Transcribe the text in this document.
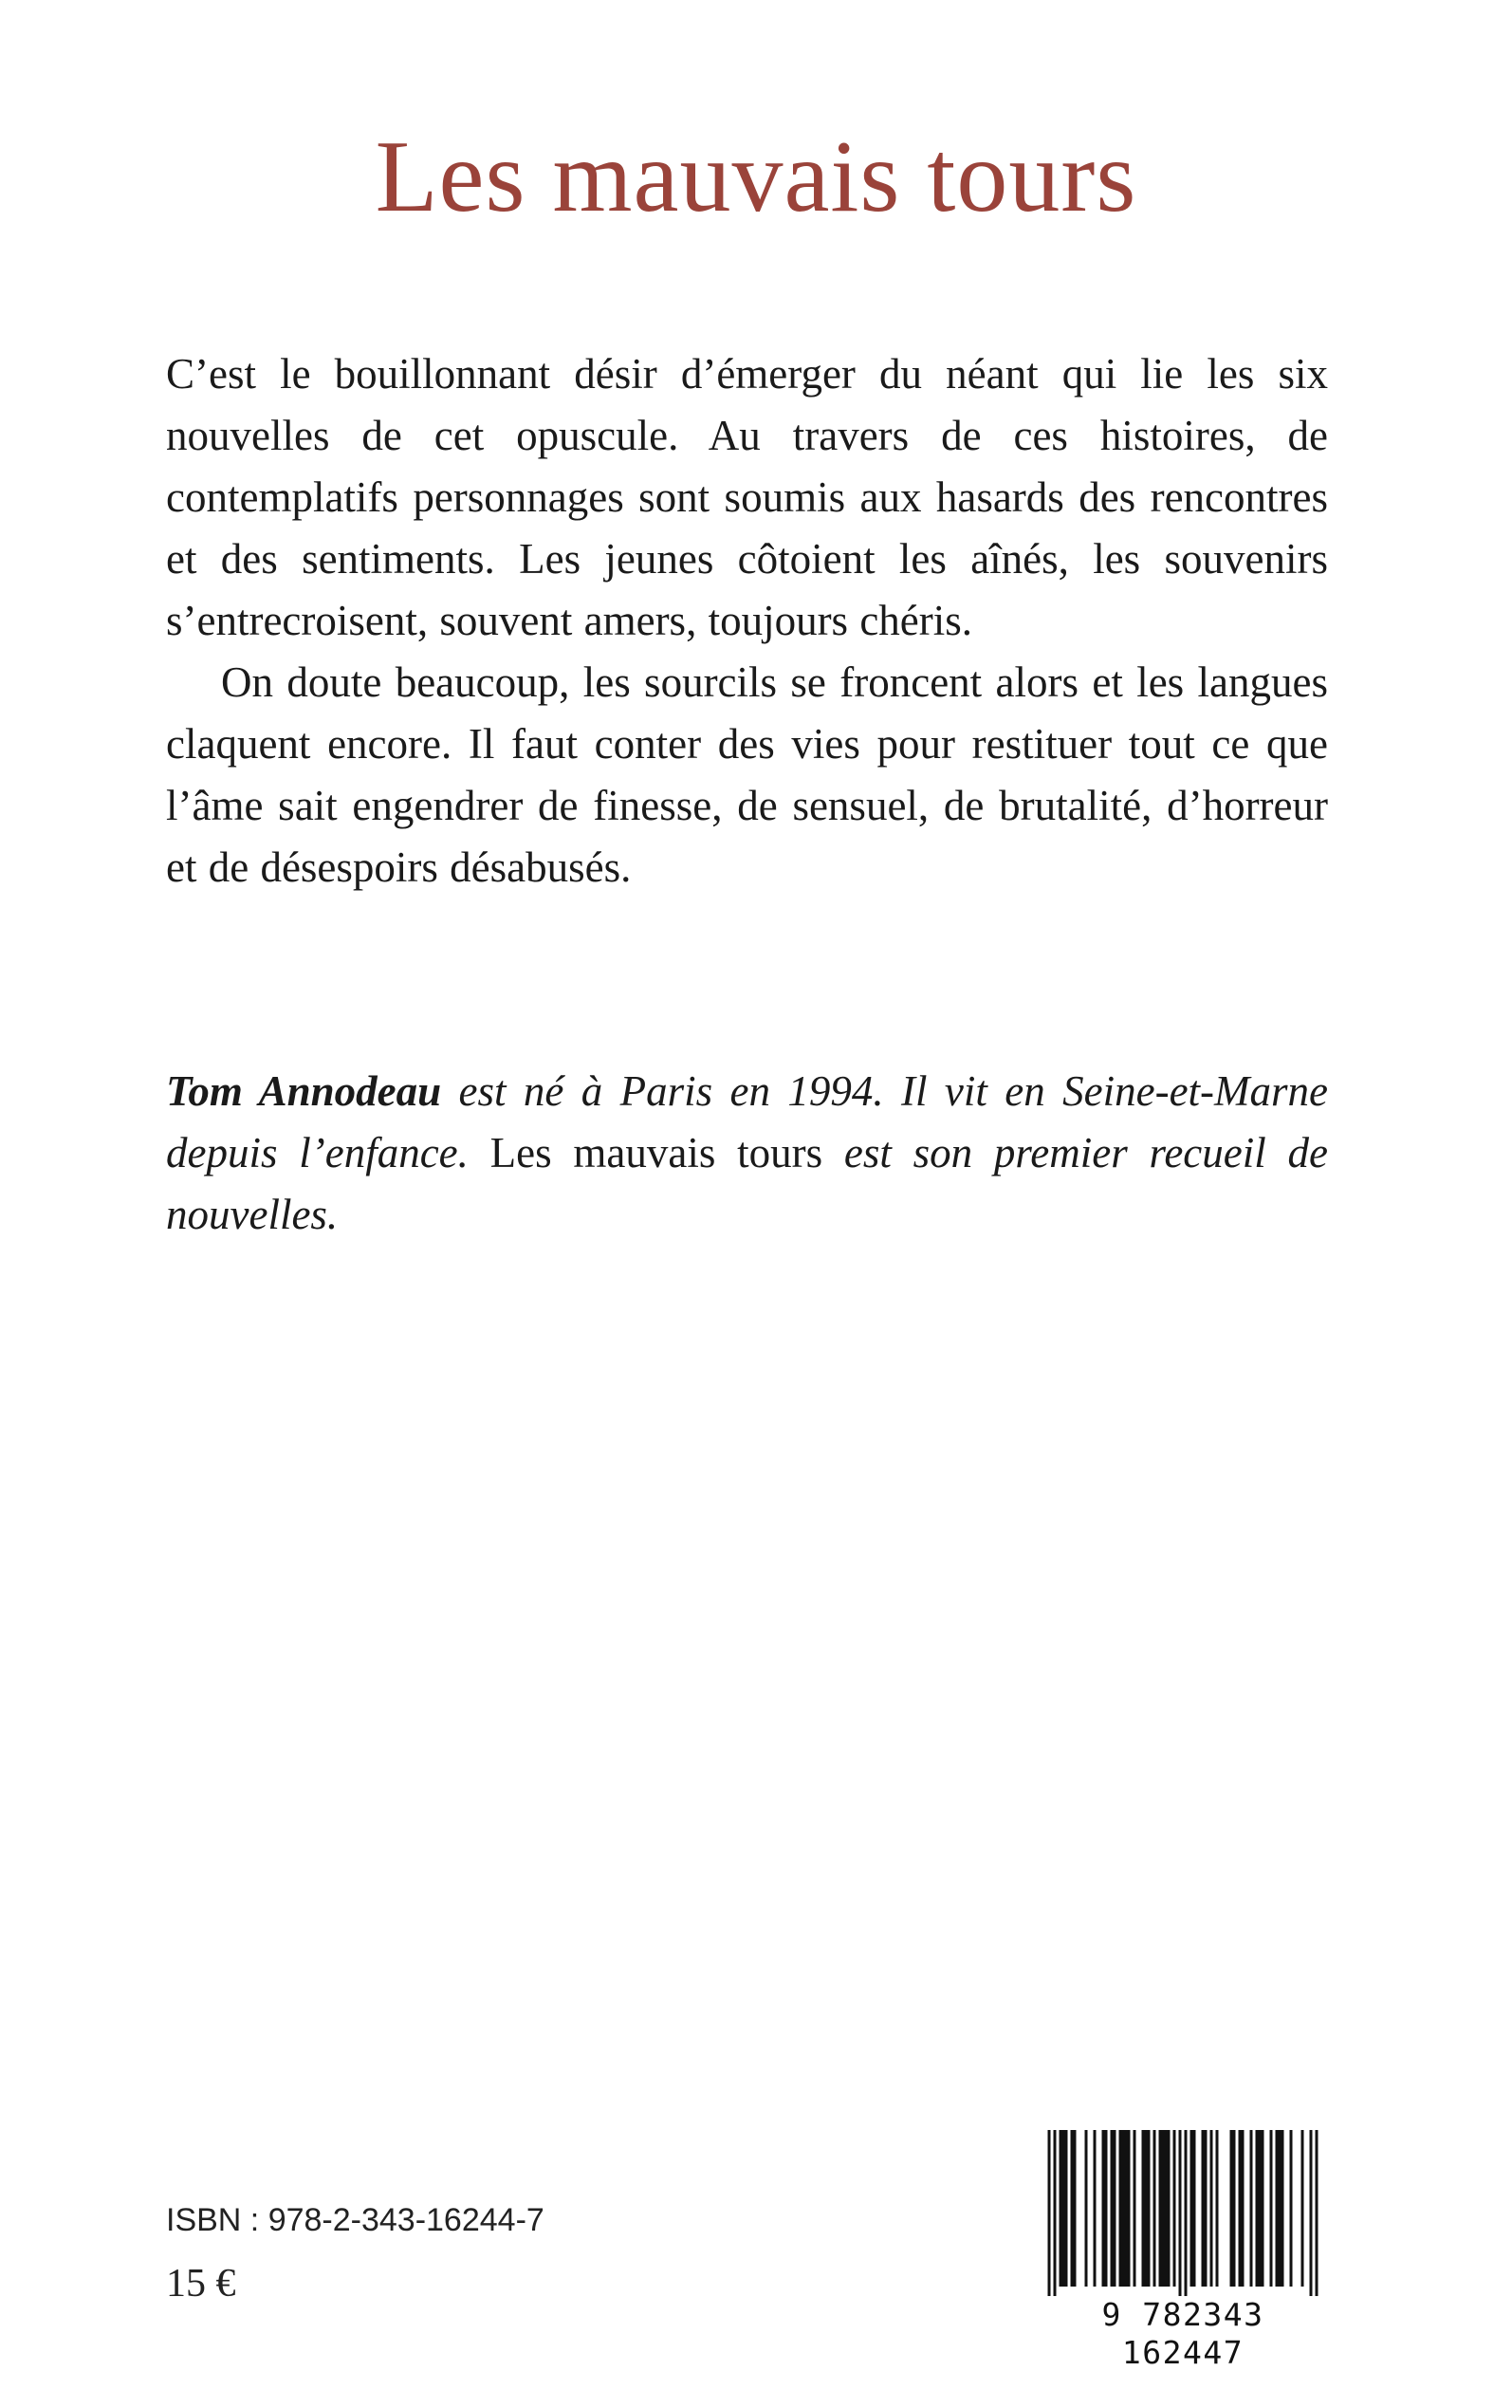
Les mauvais tours

C’est le bouillonnant désir d’émerger du néant qui lie les six nouvelles de cet opuscule. Au travers de ces histoires, de contemplatifs personnages sont soumis aux hasards des rencontres et des sentiments. Les jeunes côtoient les aînés, les souvenirs s’entrecroisent, souvent amers, toujours chéris.

On doute beaucoup, les sourcils se froncent alors et les langues claquent encore. Il faut conter des vies pour restituer tout ce que l’âme sait engendrer de finesse, de sensuel, de brutalité, d’horreur et de désespoirs désabusés.

Tom Annodeau est né à Paris en 1994. Il vit en Seine-et-Marne depuis l’enfance. Les mauvais tours est son premier recueil de nouvelles.

ISBN : 978-2-343-16244-7
15 €
9 782343 162447
